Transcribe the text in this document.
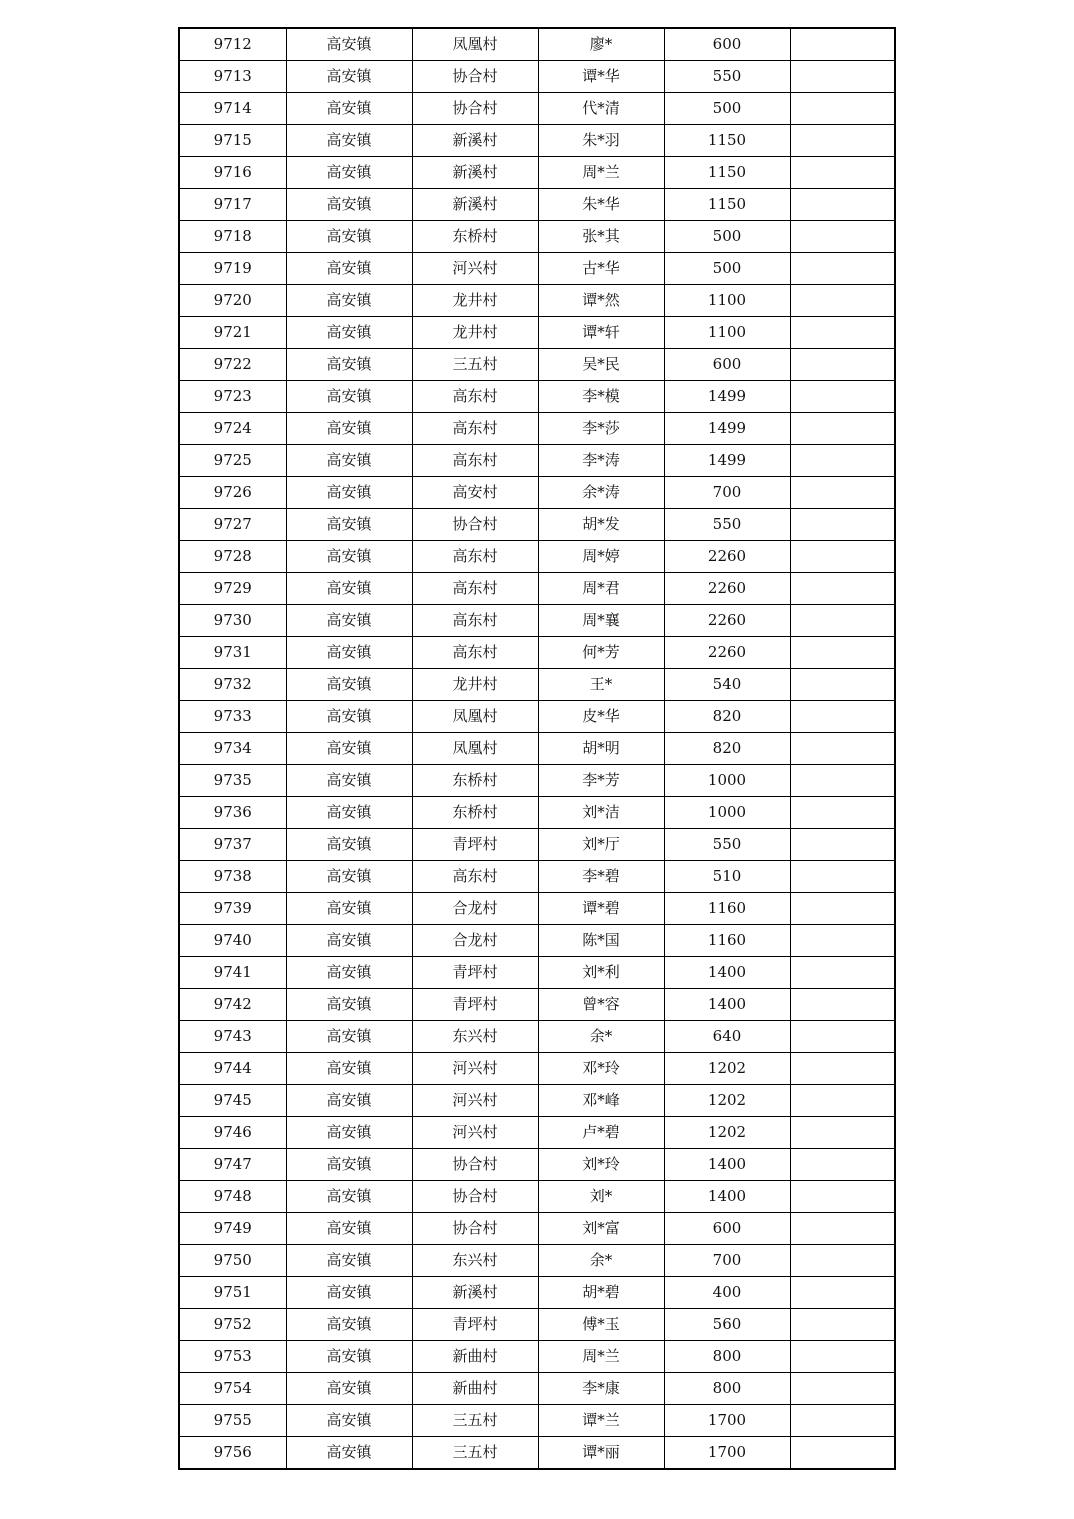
9712	高安镇	凤凰村	廖*	600	
9713	高安镇	协合村	谭*华	550	
9714	高安镇	协合村	代*清	500	
9715	高安镇	新溪村	朱*羽	1150	
9716	高安镇	新溪村	周*兰	1150	
9717	高安镇	新溪村	朱*华	1150	
9718	高安镇	东桥村	张*其	500	
9719	高安镇	河兴村	古*华	500	
9720	高安镇	龙井村	谭*然	1100	
9721	高安镇	龙井村	谭*轩	1100	
9722	高安镇	三五村	吴*民	600	
9723	高安镇	高东村	李*模	1499	
9724	高安镇	高东村	李*莎	1499	
9725	高安镇	高东村	李*涛	1499	
9726	高安镇	高安村	余*涛	700	
9727	高安镇	协合村	胡*发	550	
9728	高安镇	高东村	周*婷	2260	
9729	高安镇	高东村	周*君	2260	
9730	高安镇	高东村	周*襄	2260	
9731	高安镇	高东村	何*芳	2260	
9732	高安镇	龙井村	王*	540	
9733	高安镇	凤凰村	皮*华	820	
9734	高安镇	凤凰村	胡*明	820	
9735	高安镇	东桥村	李*芳	1000	
9736	高安镇	东桥村	刘*洁	1000	
9737	高安镇	青坪村	刘*厅	550	
9738	高安镇	高东村	李*碧	510	
9739	高安镇	合龙村	谭*碧	1160	
9740	高安镇	合龙村	陈*国	1160	
9741	高安镇	青坪村	刘*利	1400	
9742	高安镇	青坪村	曾*容	1400	
9743	高安镇	东兴村	余*	640	
9744	高安镇	河兴村	邓*玲	1202	
9745	高安镇	河兴村	邓*峰	1202	
9746	高安镇	河兴村	卢*碧	1202	
9747	高安镇	协合村	刘*玲	1400	
9748	高安镇	协合村	刘*	1400	
9749	高安镇	协合村	刘*富	600	
9750	高安镇	东兴村	余*	700	
9751	高安镇	新溪村	胡*碧	400	
9752	高安镇	青坪村	傅*玉	560	
9753	高安镇	新曲村	周*兰	800	
9754	高安镇	新曲村	李*康	800	
9755	高安镇	三五村	谭*兰	1700	
9756	高安镇	三五村	谭*丽	1700	
